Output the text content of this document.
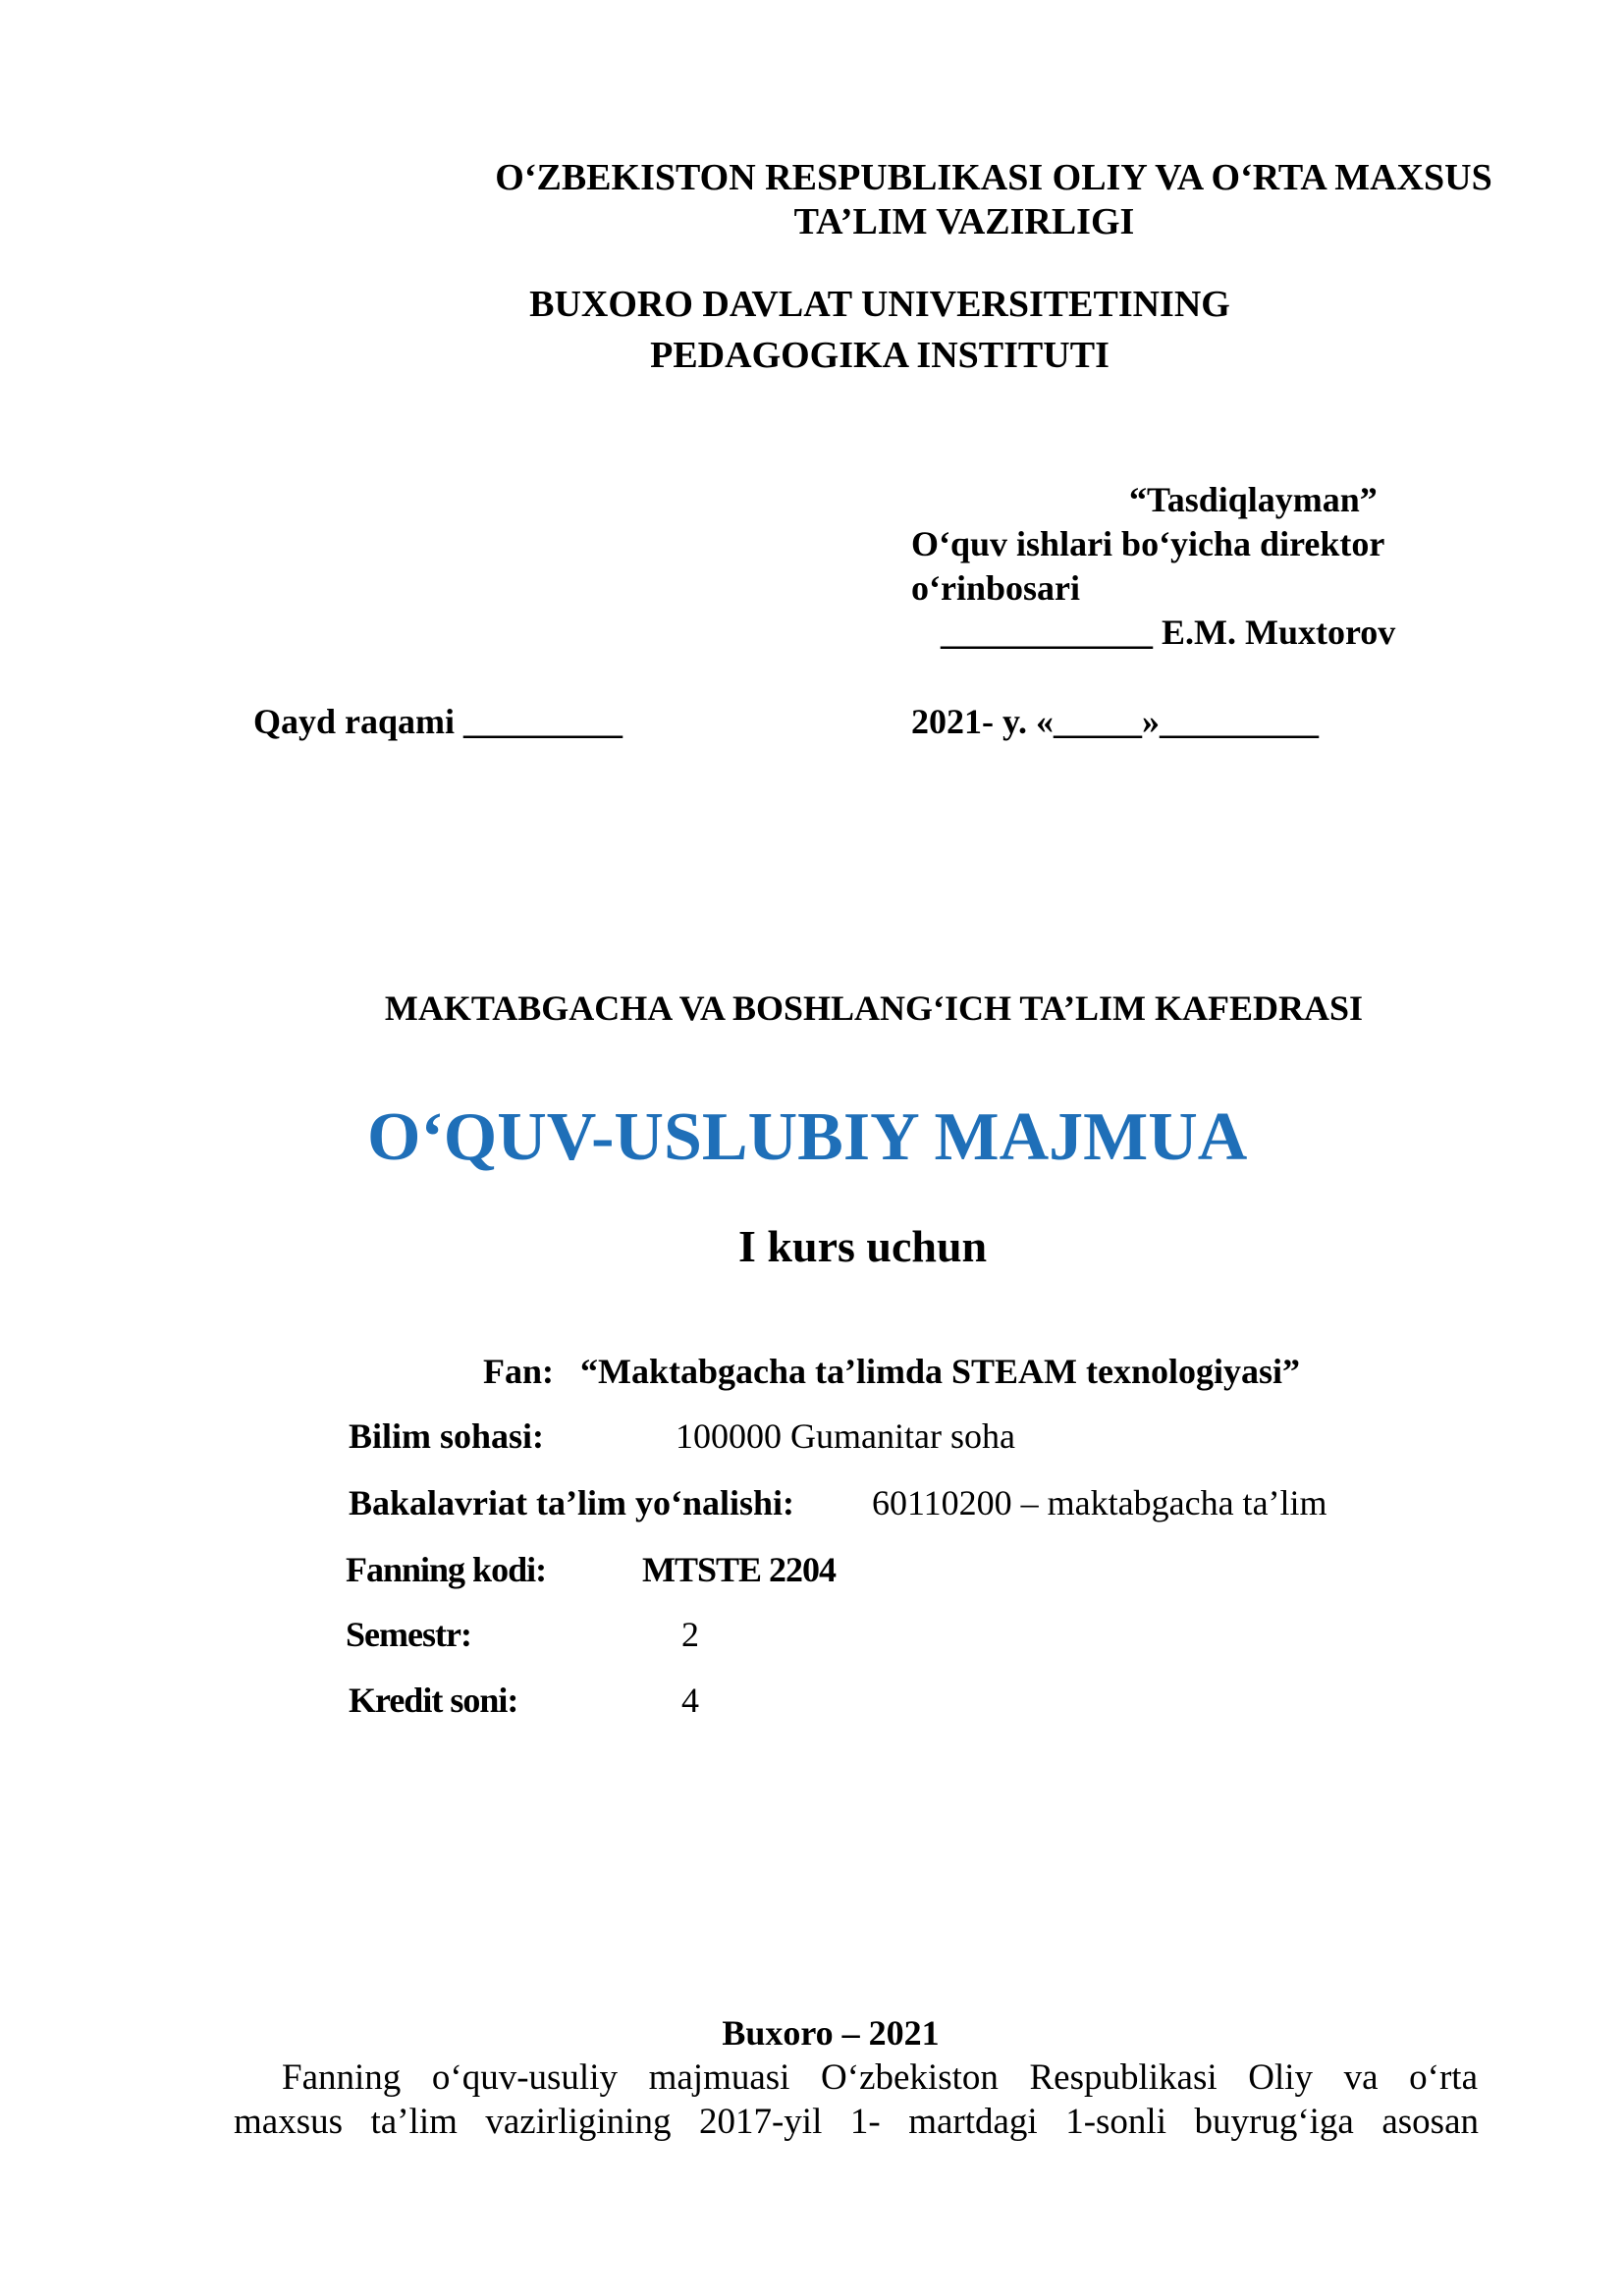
O‘ZBEKISTON RESPUBLIKASI OLIY VA O‘RTA MAXSUS

TA’LIM VAZIRLIGI

BUXORO DAVLAT UNIVERSITETINING

PEDAGOGIKA INSTITUTI

“Tasdiqlayman”

O‘quv ishlari bo‘yicha direktor

o‘rinbosari

____________ E.M. Muxtorov

Qayd raqami _________	2021- y. «_____»_________

MAKTABGACHA VA BOSHLANG‘ICH TA’LIM KAFEDRASI

O‘QUV-USLUBIY MAJMUA

I kurs uchun

Fan: “Maktabgacha ta’limda STEAM texnologiyasi”

Bilim sohasi:	100000 Gumanitar soha

Bakalavriat ta’lim yo‘nalishi: 60110200 – maktabgacha ta’lim

Fanning kodi:	MTSTE 2204

Semestr:	2

Kredit soni:	4

Buxoro – 2021

Fanning o‘quv-usuliy majmuasi O‘zbekiston Respublikasi Oliy va o‘rta
maxsus ta’lim vazirligining 2017-yil 1- martdagi 1-sonli buyrug‘iga asosan
